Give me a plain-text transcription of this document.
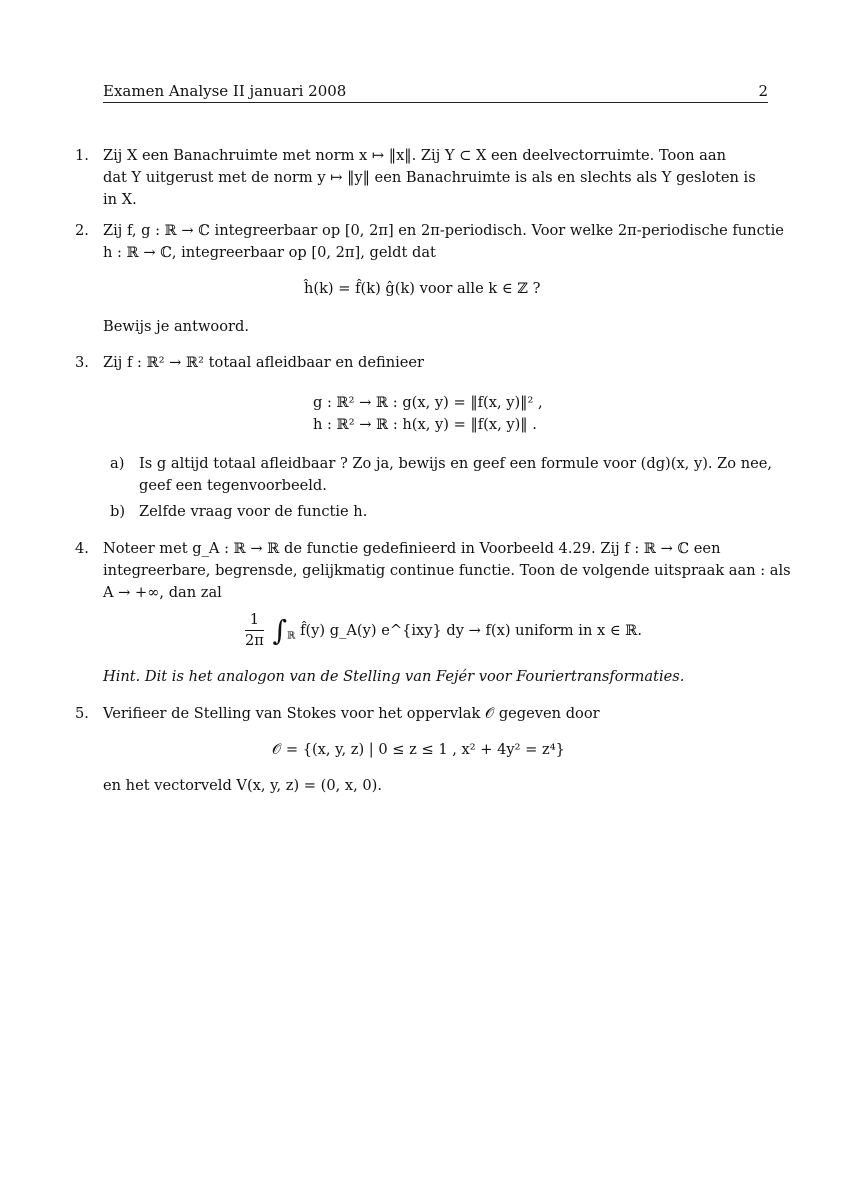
Examen Analyse II januari 2008	2
1. Zij X een Banachruimte met norm x ↦ ‖x‖. Zij Y ⊂ X een deelvectorruimte. Toon aan
dat Y uitgerust met de norm y ↦ ‖y‖ een Banachruimte is als en slechts als Y gesloten is
in X.
2. Zij f, g : ℝ → ℂ integreerbaar op [0, 2π] en 2π-periodisch. Voor welke 2π-periodische functie
h : ℝ → ℂ, integreerbaar op [0, 2π], geldt dat
ĥ(k) = f̂(k) ĝ(k) voor alle k ∈ ℤ ?
Bewijs je antwoord.
3. Zij f : ℝ² → ℝ² totaal afleidbaar en definieer
g : ℝ² → ℝ : g(x, y) = ‖f(x, y)‖² ,
h : ℝ² → ℝ : h(x, y) = ‖f(x, y)‖ .
a) Is g altijd totaal afleidbaar ? Zo ja, bewijs en geef een formule voor (dg)(x, y). Zo nee,
geef een tegenvoorbeeld.
b) Zelfde vraag voor de functie h.
4. Noteer met g_A : ℝ → ℝ de functie gedefinieerd in Voorbeeld 4.29. Zij f : ℝ → ℂ een
integreerbare, begrensde, gelijkmatig continue functie. Toon de volgende uitspraak aan : als
A → +∞, dan zal
$\frac{1}{2\pi} \int_ℝ$ f̂(y) g_A(y) e^{ixy} dy → f(x) uniform in x ∈ ℝ.
Hint. Dit is het analogon van de Stelling van Fejér voor Fouriertransformaties.
5. Verifieer de Stelling van Stokes voor het oppervlak 𝒪 gegeven door
𝒪 = {(x, y, z) | 0 ≤ z ≤ 1 , x² + 4y² = z⁴}
en het vectorveld V(x, y, z) = (0, x, 0).
